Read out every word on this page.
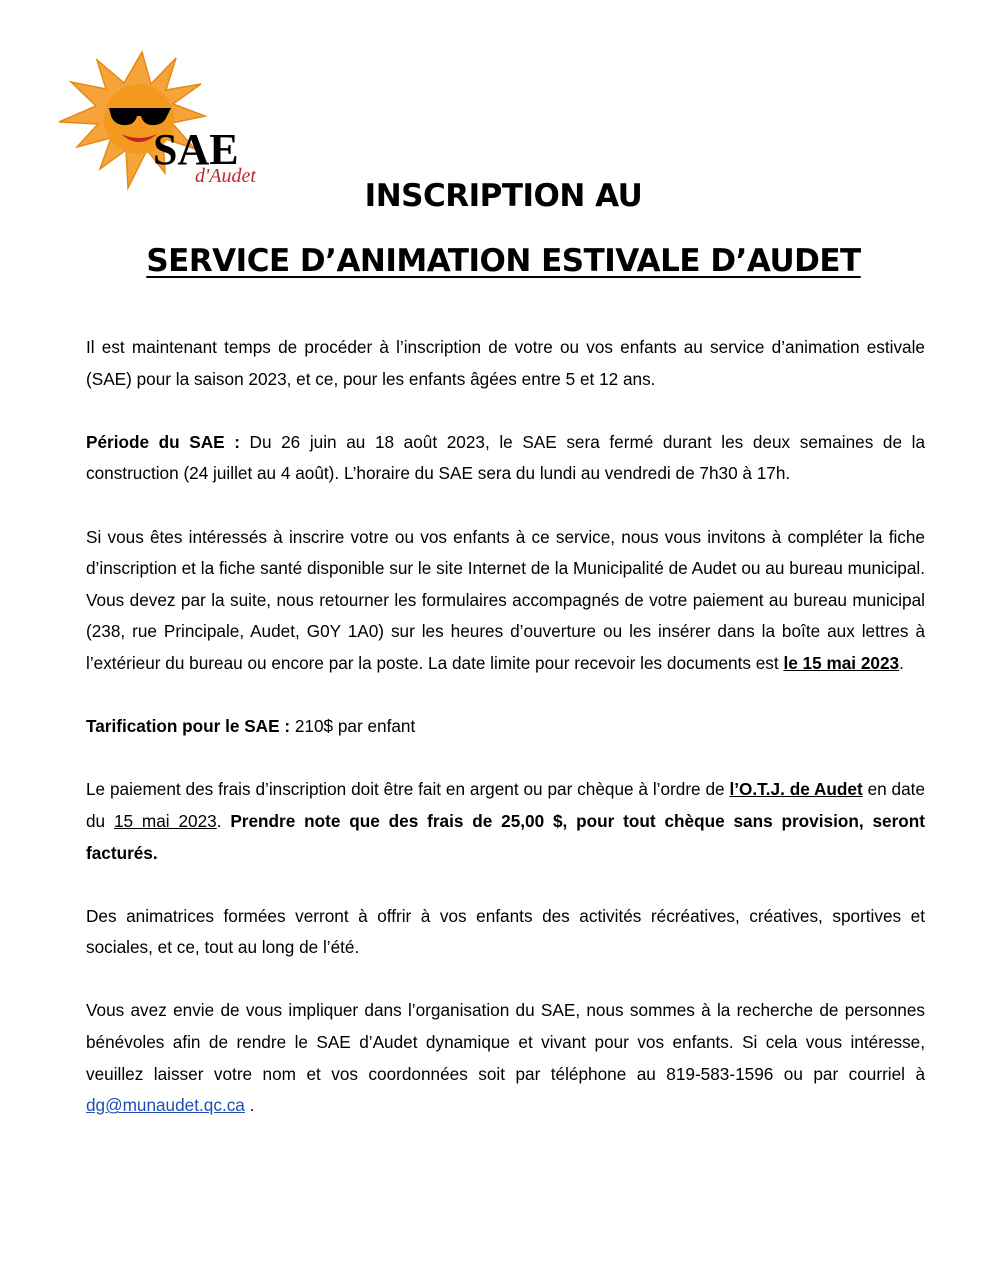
SAE
d'Audet
INSCRIPTION AU
SERVICE D’ANIMATION ESTIVALE D’AUDET

Il est maintenant temps de procéder à l’inscription de votre ou vos enfants au service d’animation estivale (SAE) pour la saison 2023, et ce, pour les enfants âgées entre 5 et 12 ans.

Période du SAE : Du 26 juin au 18 août 2023, le SAE sera fermé durant les deux semaines de la construction (24 juillet au 4 août). L’horaire du SAE sera du lundi au vendredi de 7h30 à 17h.

Si vous êtes intéressés à inscrire votre ou vos enfants à ce service, nous vous invitons à compléter la fiche d’inscription et la fiche santé disponible sur le site Internet de la Municipalité de Audet ou au bureau municipal. Vous devez par la suite, nous retourner les formulaires accompagnés de votre paiement au bureau municipal (238, rue Principale, Audet, G0Y 1A0) sur les heures d’ouverture ou les insérer dans la boîte aux lettres à l’extérieur du bureau ou encore par la poste. La date limite pour recevoir les documents est le 15 mai 2023.

Tarification pour le SAE : 210$ par enfant

Le paiement des frais d’inscription doit être fait en argent ou par chèque à l’ordre de l’O.T.J. de Audet en date du 15 mai 2023. Prendre note que des frais de 25,00 $, pour tout chèque sans provision, seront facturés.

Des animatrices formées verront à offrir à vos enfants des activités récréatives, créatives, sportives et sociales, et ce, tout au long de l’été.

Vous avez envie de vous impliquer dans l’organisation du SAE, nous sommes à la recherche de personnes bénévoles afin de rendre le SAE d’Audet dynamique et vivant pour vos enfants. Si cela vous intéresse, veuillez laisser votre nom et vos coordonnées soit par téléphone au 819-583-1596 ou par courriel à dg@munaudet.qc.ca .
